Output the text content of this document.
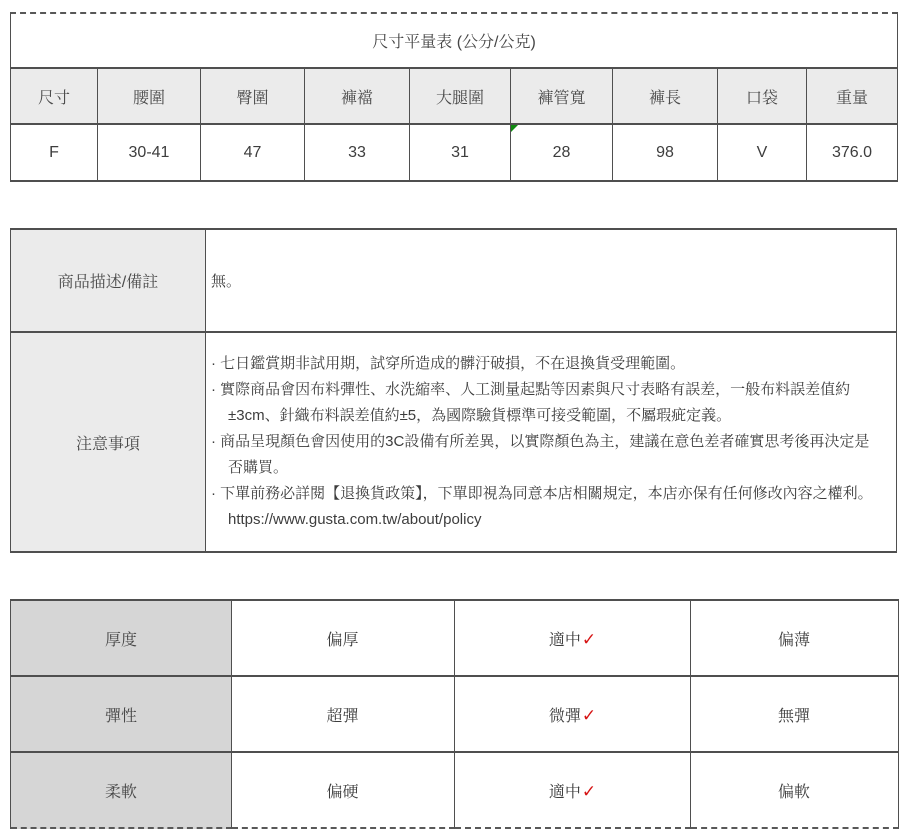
尺寸平量表 (公分/公克)								
尺寸	腰圍	臀圍	褲襠	大腿圍	褲管寬	褲長	口袋	重量
F	30-41	47	33	31	28	98	V	376.0
商品描述/備註	無。
注意事項	· 七日鑑賞期非試用期，試穿所造成的髒汙破損，不在退換貨受理範圍。
· 實際商品會因布料彈性、水洗縮率、人工測量起點等因素與尺寸表略有誤差，一般布料誤差值約±3cm、針織布料誤差值約±5，為國際驗貨標準可接受範圍，不屬瑕疵定義。
· 商品呈現顏色會因使用的3C設備有所差異，以實際顏色為主，建議在意色差者確實思考後再決定是否購買。
· 下單前務必詳閱【退換貨政策】，下單即視為同意本店相關規定，本店亦保有任何修改內容之權利。https://www.gusta.com.tw/about/policy
厚度	偏厚	適中✓	偏薄
彈性	超彈	微彈✓	無彈
柔軟	偏硬	適中✓	偏軟
